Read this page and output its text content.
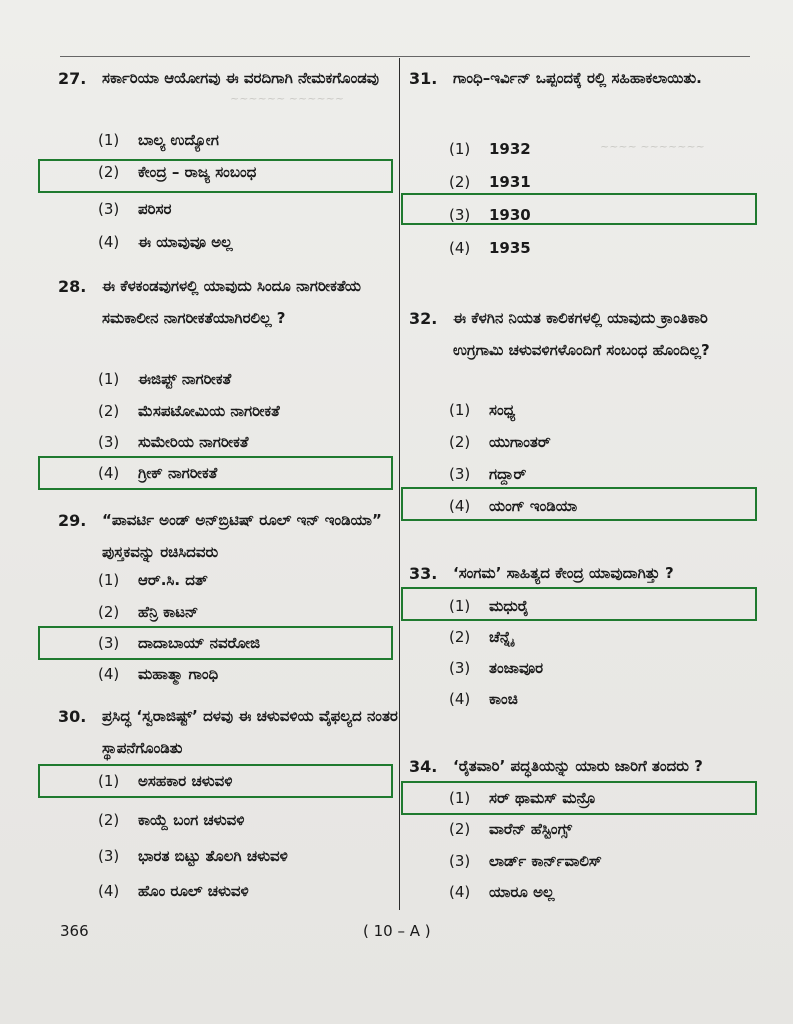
~~~~~~ ~~~~~~
~~~~ ~~~~~~~
27. ಸರ್ಕಾರಿಯಾ ಆಯೋಗವು ಈ ವರದಿಗಾಗಿ ನೇಮಕಗೊಂಡವು
(1) ಬಾಲ್ಯ ಉದ್ಯೋಗ
(2) ಕೇಂದ್ರ – ರಾಜ್ಯ ಸಂಬಂಧ
(3) ಪರಿಸರ
(4) ಈ ಯಾವುವೂ ಅಲ್ಲ
28. ಈ ಕೆಳಕಂಡವುಗಳಲ್ಲಿ ಯಾವುದು ಸಿಂದೂ ನಾಗರೀಕತೆಯ ಸಮಕಾಲೀನ ನಾಗರೀಕತೆಯಾಗಿರಲಿಲ್ಲ ?
(1) ಈಜಿಪ್ಟ್ ನಾಗರೀಕತೆ
(2) ಮೆಸಪಟೋಮಿಯ ನಾಗರೀಕತೆ
(3) ಸುಮೇರಿಯ ನಾಗರೀಕತೆ
(4) ಗ್ರೀಕ್ ನಾಗರೀಕತೆ
29. “ಪಾವರ್ಟಿ ಅಂಡ್ ಅನ್‌ಬ್ರಿಟಿಷ್ ರೂಲ್ ಇನ್ ಇಂಡಿಯಾ” ಪುಸ್ತಕವನ್ನು ರಚಿಸಿದವರು
(1) ಆರ್.ಸಿ. ದತ್
(2) ಹೆನ್ರಿ ಕಾಟನ್
(3) ದಾದಾಬಾಯ್ ನವರೋಜಿ
(4) ಮಹಾತ್ಮಾ ಗಾಂಧಿ
30. ಪ್ರಸಿದ್ಧ ‘ಸ್ವರಾಜಿಷ್ಟ್’ ದಳವು ಈ ಚಳುವಳಿಯ ವೈಫಲ್ಯದ ನಂತರ ಸ್ಥಾಪನೆಗೊಂಡಿತು
(1) ಅಸಹಕಾರ ಚಳುವಳಿ
(2) ಕಾಯ್ದೆ ಬಂಗ ಚಳುವಳಿ
(3) ಭಾರತ ಬಿಟ್ಟು ತೊಲಗಿ ಚಳುವಳಿ
(4) ಹೊಂ ರೂಲ್ ಚಳುವಳಿ
31. ಗಾಂಧಿ–ಇರ್ವಿನ್ ಒಪ್ಪಂದಕ್ಕೆ ರಲ್ಲಿ ಸಹಿಹಾಕಲಾಯಿತು.
(1) 1932
(2) 1931
(3) 1930
(4) 1935
32. ಈ ಕೆಳಗಿನ ನಿಯತ ಕಾಲಿಕಗಳಲ್ಲಿ ಯಾವುದು ಕ್ರಾಂತಿಕಾರಿ ಉಗ್ರಗಾಮಿ ಚಳುವಳಿಗಳೊಂದಿಗೆ ಸಂಬಂಧ ಹೊಂದಿಲ್ಲ?
(1) ಸಂಧ್ಯ
(2) ಯುಗಾಂತರ್
(3) ಗದ್ದಾರ್
(4) ಯಂಗ್ ಇಂಡಿಯಾ
33. ‘ಸಂಗಮ’ ಸಾಹಿತ್ಯದ ಕೇಂದ್ರ ಯಾವುದಾಗಿತ್ತು ?
(1) ಮಧುರೈ
(2) ಚೆನ್ನೈ
(3) ತಂಜಾವೂರ
(4) ಕಾಂಚಿ
34. ‘ರೈತವಾರಿ’ ಪದ್ಧತಿಯನ್ನು ಯಾರು ಜಾರಿಗೆ ತಂದರು ?
(1) ಸರ್ ಥಾಮಸ್ ಮನ್ರೊ
(2) ವಾರೆನ್ ಹೆಸ್ಟಿಂಗ್ಸ್
(3) ಲಾರ್ಡ್ ಕಾರ್ನ್‌ವಾಲಿಸ್
(4) ಯಾರೂ ಅಲ್ಲ
366	( 10 – A )
